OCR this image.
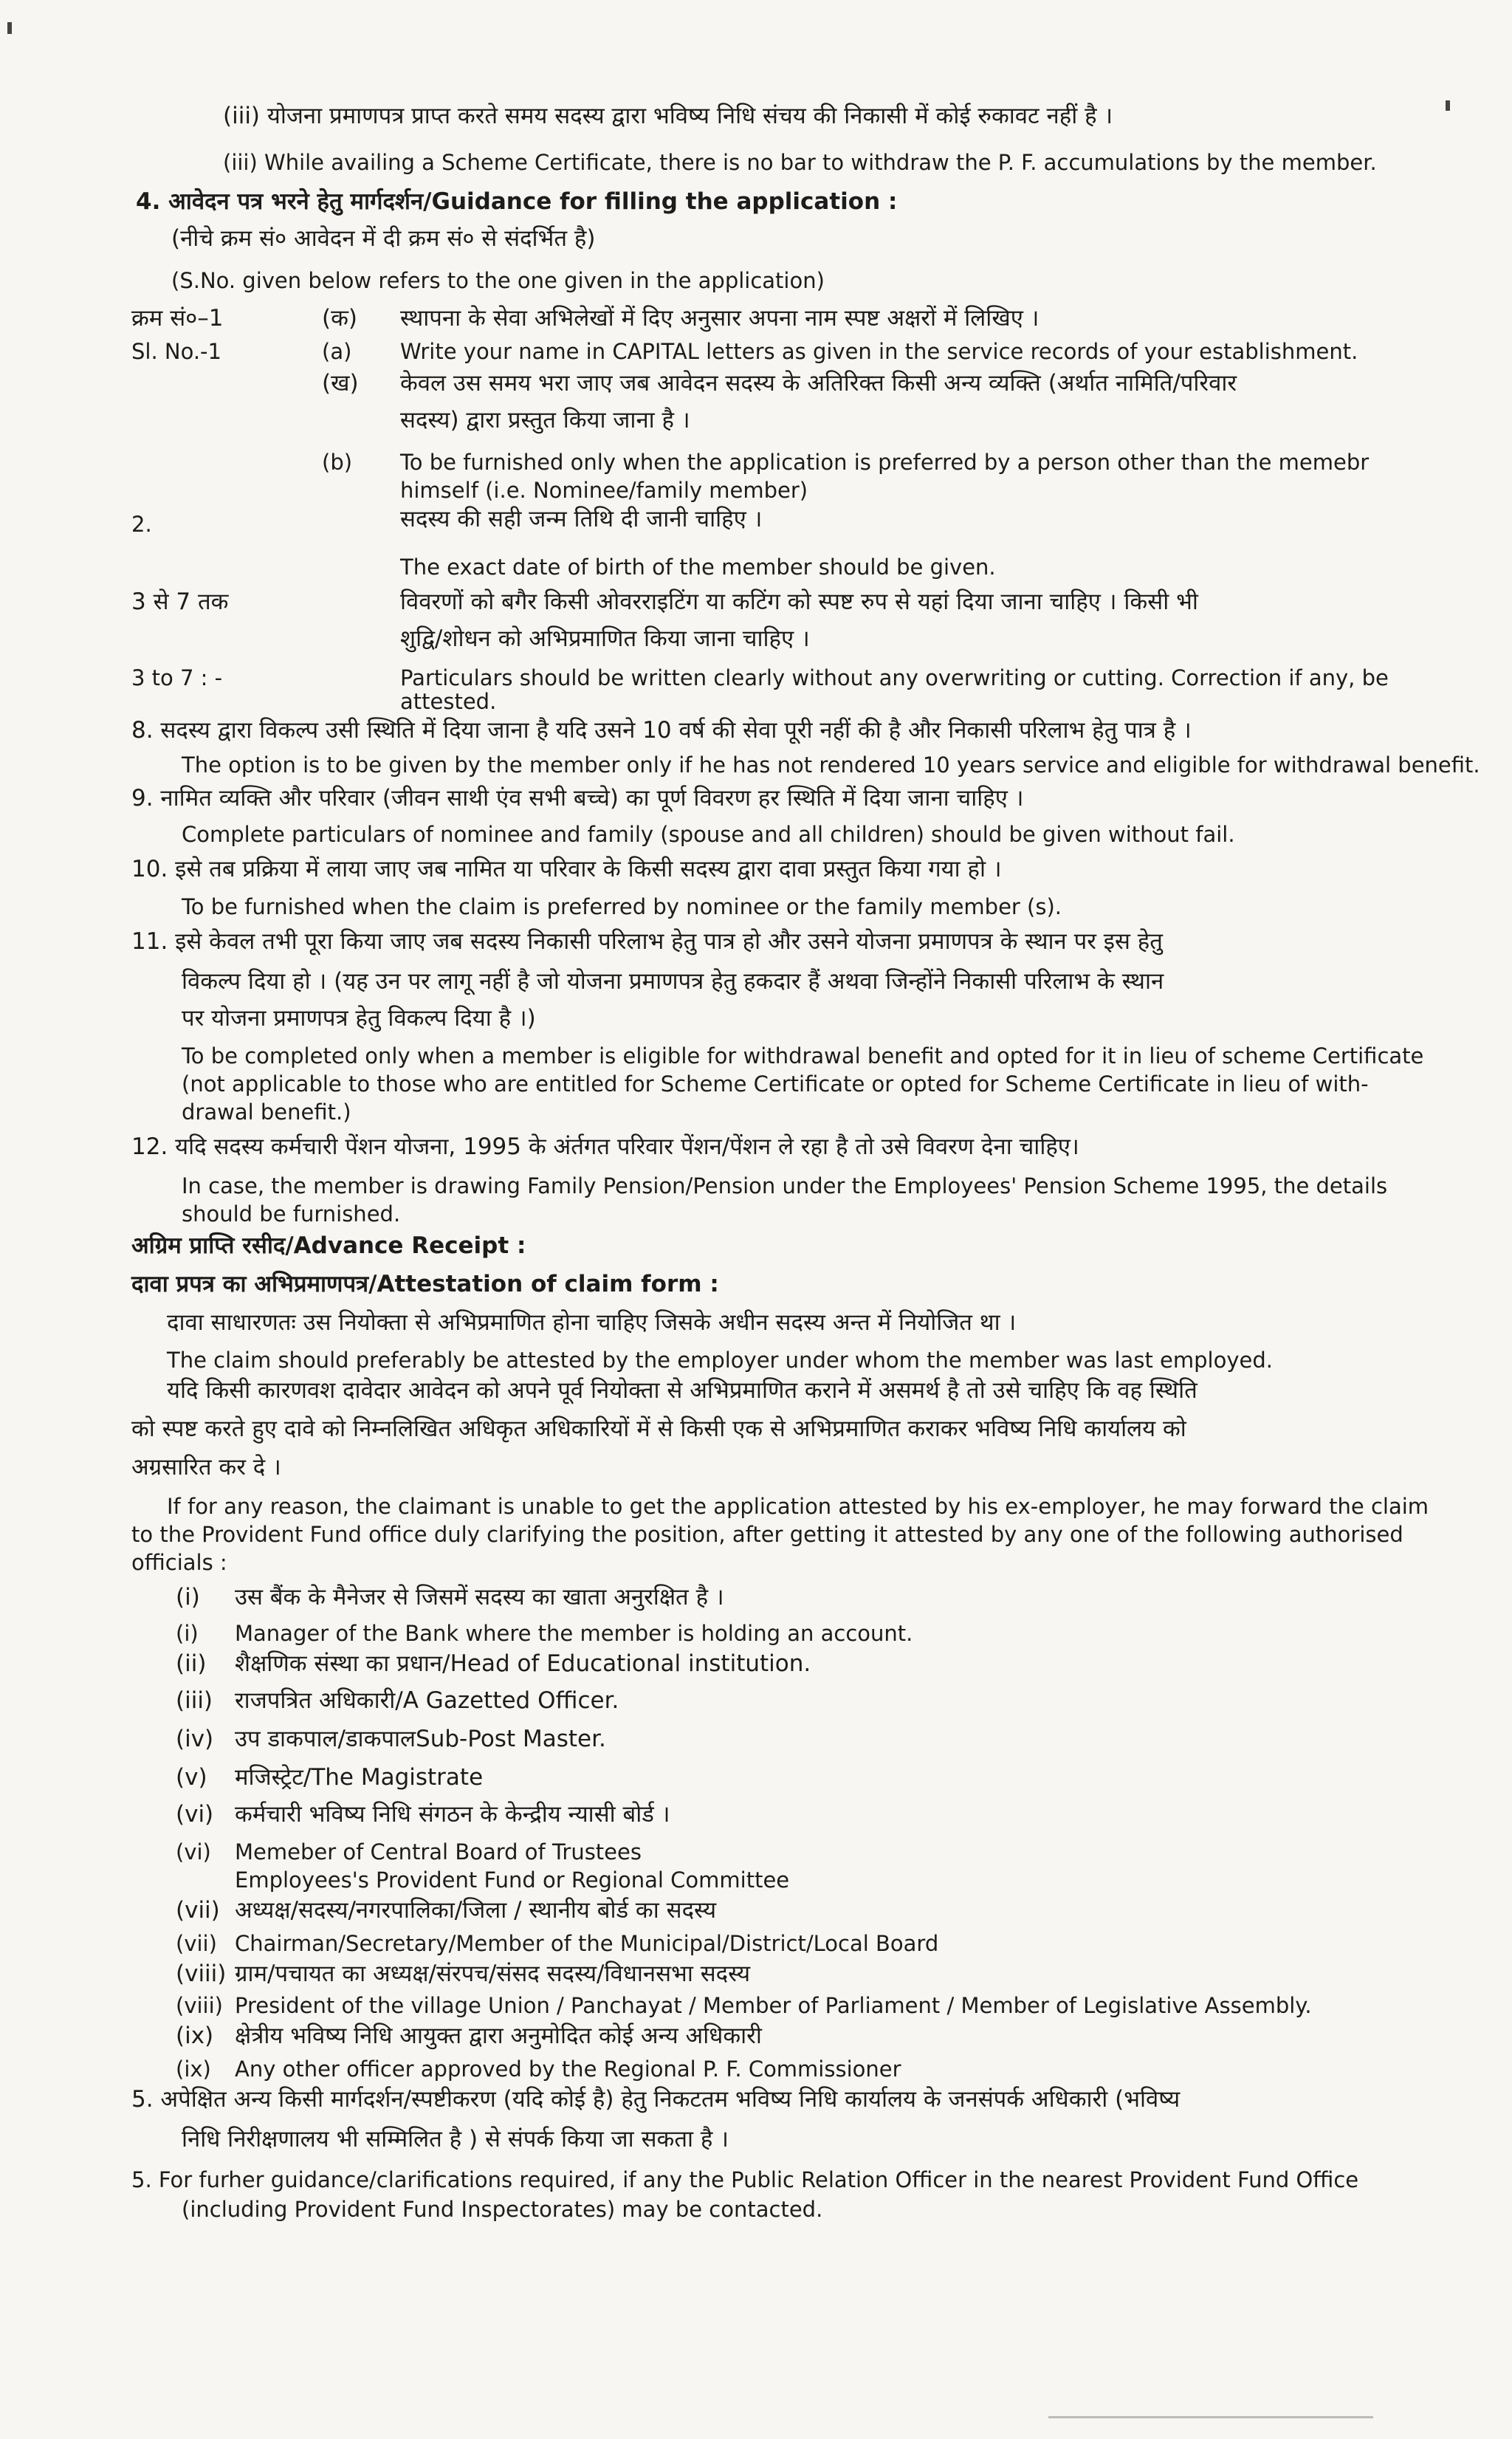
(iii) योजना प्रमाणपत्र प्राप्त करते समय सदस्य द्वारा भविष्य निधि संचय की निकासी में कोई रुकावट नहीं है ।
(iii) While availing a Scheme Certificate, there is no bar to withdraw the P. F. accumulations by the member.
4. आवेदन पत्र भरने हेतु मार्गदर्शन/Guidance for filling the application :
(नीचे क्रम सं० आवेदन में दी क्रम सं० से संदर्भित है)
(S.No. given below refers to the one given in the application)
क्रम सं०–1	(क) स्थापना के सेवा अभिलेखों में दिए अनुसार अपना नाम स्पष्ट अक्षरों में लिखिए ।
Sl. No.-1	(a) Write your name in CAPITAL letters as given in the service records of your establishment.
(ख) केवल उस समय भरा जाए जब आवेदन सदस्य के अतिरिक्त किसी अन्य व्यक्ति (अर्थात नामिति/परिवार
सदस्य) द्वारा प्रस्तुत किया जाना है ।
(b) To be furnished only when the application is preferred by a person other than the memebr
himself (i.e. Nominee/family member)
2.	सदस्य की सही जन्म तिथि दी जानी चाहिए ।
The exact date of birth of the member should be given.
3 से 7 तक	विवरणों को बगैर किसी ओवरराइटिंग या कटिंग को स्पष्ट रुप से यहां दिया जाना चाहिए । किसी भी
शुद्वि/शोधन को अभिप्रमाणित किया जाना चाहिए ।
3 to 7 : -	Particulars should be written clearly without any overwriting or cutting. Correction if any, be
attested.
8. सदस्य द्वारा विकल्प उसी स्थिति में दिया जाना है यदि उसने 10 वर्ष की सेवा पूरी नहीं की है और निकासी परिलाभ हेतु पात्र है ।
The option is to be given by the member only if he has not rendered 10 years service and eligible for withdrawal benefit.
9. नामित व्यक्ति और परिवार (जीवन साथी एंव सभी बच्चे) का पूर्ण विवरण हर स्थिति में दिया जाना चाहिए ।
Complete particulars of nominee and family (spouse and all children) should be given without fail.
10. इसे तब प्रक्रिया में लाया जाए जब नामित या परिवार के किसी सदस्य द्वारा दावा प्रस्तुत किया गया हो ।
To be furnished when the claim is preferred by nominee or the family member (s).
11. इसे केवल तभी पूरा किया जाए जब सदस्य निकासी परिलाभ हेतु पात्र हो और उसने योजना प्रमाणपत्र के स्थान पर इस हेतु
विकल्प दिया हो । (यह उन पर लागू नहीं है जो योजना प्रमाणपत्र हेतु हकदार हैं अथवा जिन्होंने निकासी परिलाभ के स्थान
पर योजना प्रमाणपत्र हेतु विकल्प दिया है ।)
To be completed only when a member is eligible for withdrawal benefit and opted for it in lieu of scheme Certificate
(not applicable to those who are entitled for Scheme Certificate or opted for Scheme Certificate in lieu of with-
drawal benefit.)
12. यदि सदस्य कर्मचारी पेंशन योजना, 1995 के अंर्तगत परिवार पेंशन/पेंशन ले रहा है तो उसे विवरण देना चाहिए।
In case, the member is drawing Family Pension/Pension under the Employees' Pension Scheme 1995, the details
should be furnished.
अग्रिम प्राप्ति रसीद/Advance Receipt :
दावा प्रपत्र का अभिप्रमाणपत्र/Attestation of claim form :
दावा साधारणतः उस नियोक्ता से अभिप्रमाणित होना चाहिए जिसके अधीन सदस्य अन्त में नियोजित था ।
The claim should preferably be attested by the employer under whom the member was last employed.
यदि किसी कारणवश दावेदार आवेदन को अपने पूर्व नियोक्ता से अभिप्रमाणित कराने में असमर्थ है तो उसे चाहिए कि वह स्थिति
को स्पष्ट करते हुए दावे को निम्नलिखित अधिकृत अधिकारियों में से किसी एक से अभिप्रमाणित कराकर भविष्य निधि कार्यालय को
अग्रसारित कर दे ।
If for any reason, the claimant is unable to get the application attested by his ex-employer, he may forward the claim
to the Provident Fund office duly clarifying the position, after getting it attested by any one of the following authorised
officials :
(i) उस बैंक के मैनेजर से जिसमें सदस्य का खाता अनुरक्षित है ।
(i) Manager of the Bank where the member is holding an account.
(ii) शैक्षणिक संस्था का प्रधान/Head of Educational institution.
(iii) राजपत्रित अधिकारी/A Gazetted Officer.
(iv) उप डाकपाल/डाकपालSub-Post Master.
(v) मजिस्ट्रेट/The Magistrate
(vi) कर्मचारी भविष्य निधि संगठन के केन्द्रीय न्यासी बोर्ड ।
(vi) Memeber of Central Board of Trustees
Employees's Provident Fund or Regional Committee
(vii) अध्यक्ष/सदस्य/नगरपालिका/जिला / स्थानीय बोर्ड का सदस्य
(vii) Chairman/Secretary/Member of the Municipal/District/Local Board
(viii) ग्राम/पचायत का अध्यक्ष/संरपच/संसद सदस्य/विधानसभा सदस्य
(viii) President of the village Union / Panchayat / Member of Parliament / Member of Legislative Assembly.
(ix) क्षेत्रीय भविष्य निधि आयुक्त द्वारा अनुमोदित कोई अन्य अधिकारी
(ix) Any other officer approved by the Regional P. F. Commissioner
5. अपेक्षित अन्य किसी मार्गदर्शन/स्पष्टीकरण (यदि कोई है) हेतु निकटतम भविष्य निधि कार्यालय के जनसंपर्क अधिकारी (भविष्य
निधि निरीक्षणालय भी सम्मिलित है ) से संपर्क किया जा सकता है ।
5. For furher guidance/clarifications required, if any the Public Relation Officer in the nearest Provident Fund Office
(including Provident Fund Inspectorates) may be contacted.
